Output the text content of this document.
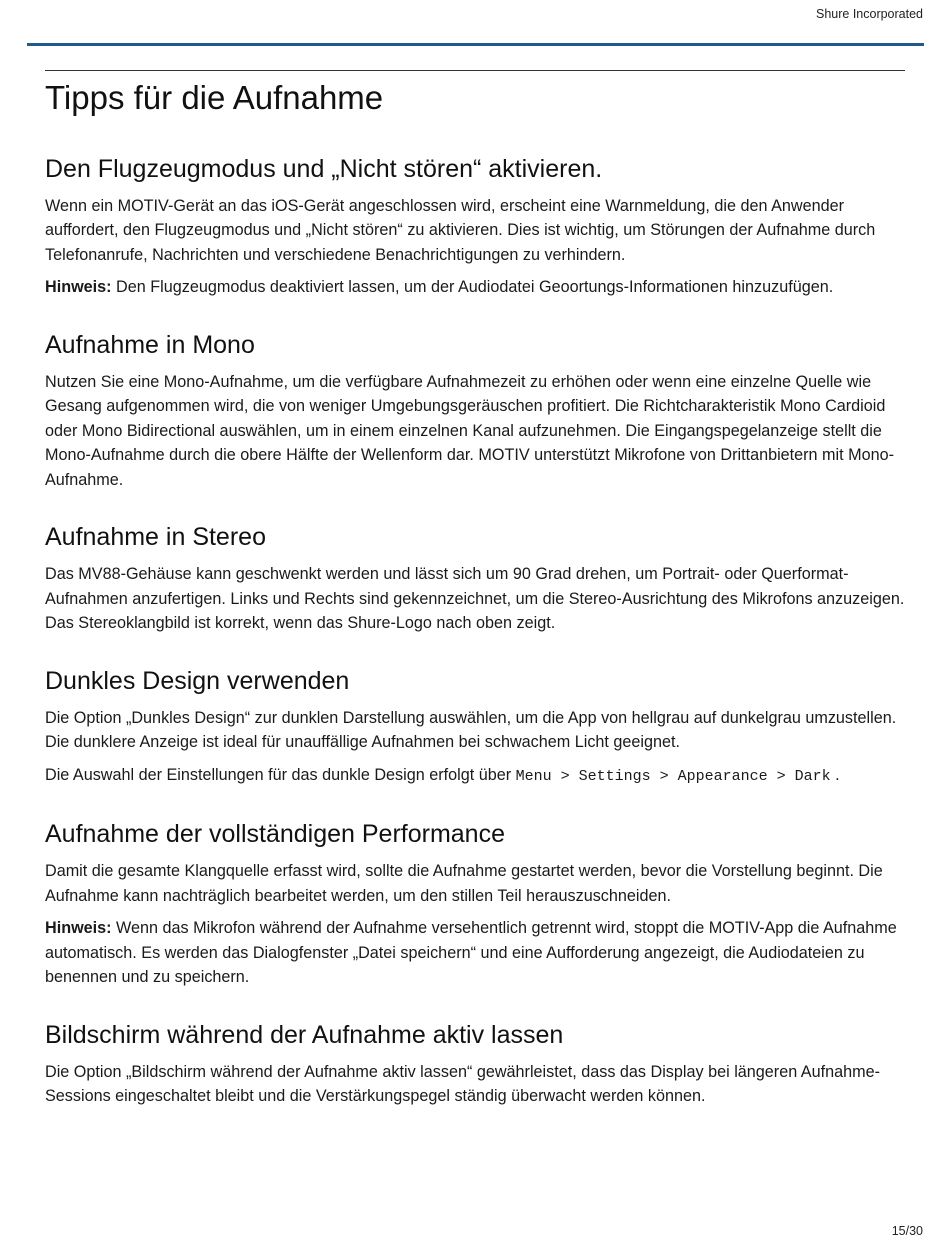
Shure Incorporated
Tipps für die Aufnahme
Den Flugzeugmodus und „Nicht stören“ aktivieren.

Wenn ein MOTIV-Gerät an das iOS-Gerät angeschlossen wird, erscheint eine Warnmeldung, die den Anwender auffordert, den Flugzeugmodus und „Nicht stören“ zu aktivieren. Dies ist wichtig, um Störungen der Aufnahme durch Telefonanrufe, Nachrichten und verschiedene Benachrichtigungen zu verhindern.

Hinweis: Den Flugzeugmodus deaktiviert lassen, um der Audiodatei Geoortungs-Informationen hinzuzufügen.

Aufnahme in Mono

Nutzen Sie eine Mono-Aufnahme, um die verfügbare Aufnahmezeit zu erhöhen oder wenn eine einzelne Quelle wie Gesang aufgenommen wird, die von weniger Umgebungsgeräuschen profitiert. Die Richtcharakteristik Mono Cardioid oder Mono Bidirectional auswählen, um in einem einzelnen Kanal aufzunehmen. Die Eingangspegelanzeige stellt die Mono-Aufnahme durch die obere Hälfte der Wellenform dar. MOTIV unterstützt Mikrofone von Drittanbietern mit Mono-Aufnahme.

Aufnahme in Stereo

Das MV88-Gehäuse kann geschwenkt werden und lässt sich um 90 Grad drehen, um Portrait- oder Querformat-Aufnahmen anzufertigen. Links und Rechts sind gekennzeichnet, um die Stereo-Ausrichtung des Mikrofons anzuzeigen. Das Stereoklangbild ist korrekt, wenn das Shure-Logo nach oben zeigt.

Dunkles Design verwenden

Die Option „Dunkles Design“ zur dunklen Darstellung auswählen, um die App von hellgrau auf dunkelgrau umzustellen. Die dunklere Anzeige ist ideal für unauffällige Aufnahmen bei schwachem Licht geeignet.

Die Auswahl der Einstellungen für das dunkle Design erfolgt über Menu > Settings > Appearance > Dark .

Aufnahme der vollständigen Performance

Damit die gesamte Klangquelle erfasst wird, sollte die Aufnahme gestartet werden, bevor die Vorstellung beginnt. Die Aufnahme kann nachträglich bearbeitet werden, um den stillen Teil herauszuschneiden.

Hinweis: Wenn das Mikrofon während der Aufnahme versehentlich getrennt wird, stoppt die MOTIV-App die Aufnahme automatisch. Es werden das Dialogfenster „Datei speichern“ und eine Aufforderung angezeigt, die Audiodateien zu benennen und zu speichern.

Bildschirm während der Aufnahme aktiv lassen

Die Option „Bildschirm während der Aufnahme aktiv lassen“ gewährleistet, dass das Display bei längeren Aufnahme-Sessions eingeschaltet bleibt und die Verstärkungspegel ständig überwacht werden können.

15/30
